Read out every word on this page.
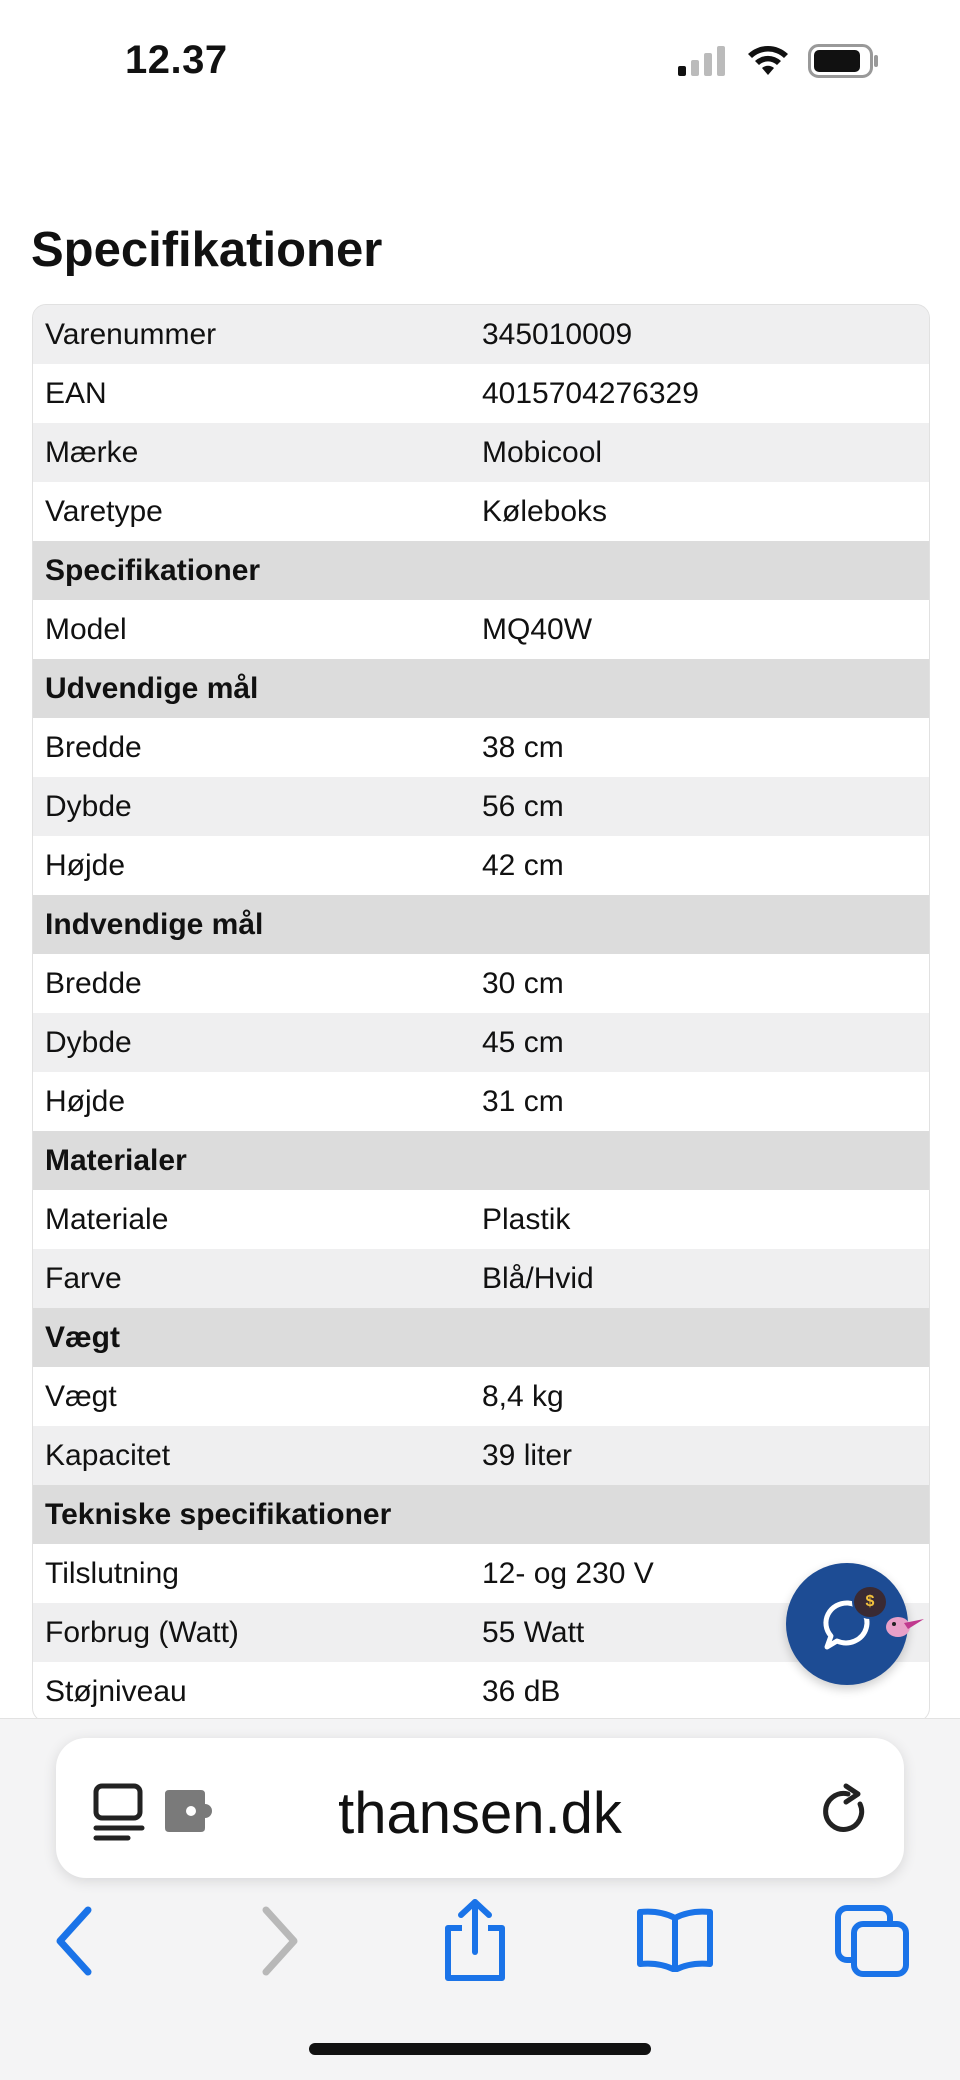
12.37
Specifikationer
Varenummer	345010009
EAN	4015704276329
Mærke	Mobicool
Varetype	Køleboks
Specifikationer
Model	MQ40W
Udvendige mål
Bredde	38 cm
Dybde	56 cm
Højde	42 cm
Indvendige mål
Bredde	30 cm
Dybde	45 cm
Højde	31 cm
Materialer
Materiale	Plastik
Farve	Blå/Hvid
Vægt
Vægt	8,4 kg
Kapacitet	39 liter
Tekniske specifikationer
Tilslutning	12- og 230 V
Forbrug (Watt)	55 Watt
Støjniveau	36 dB
$
thansen.dk
